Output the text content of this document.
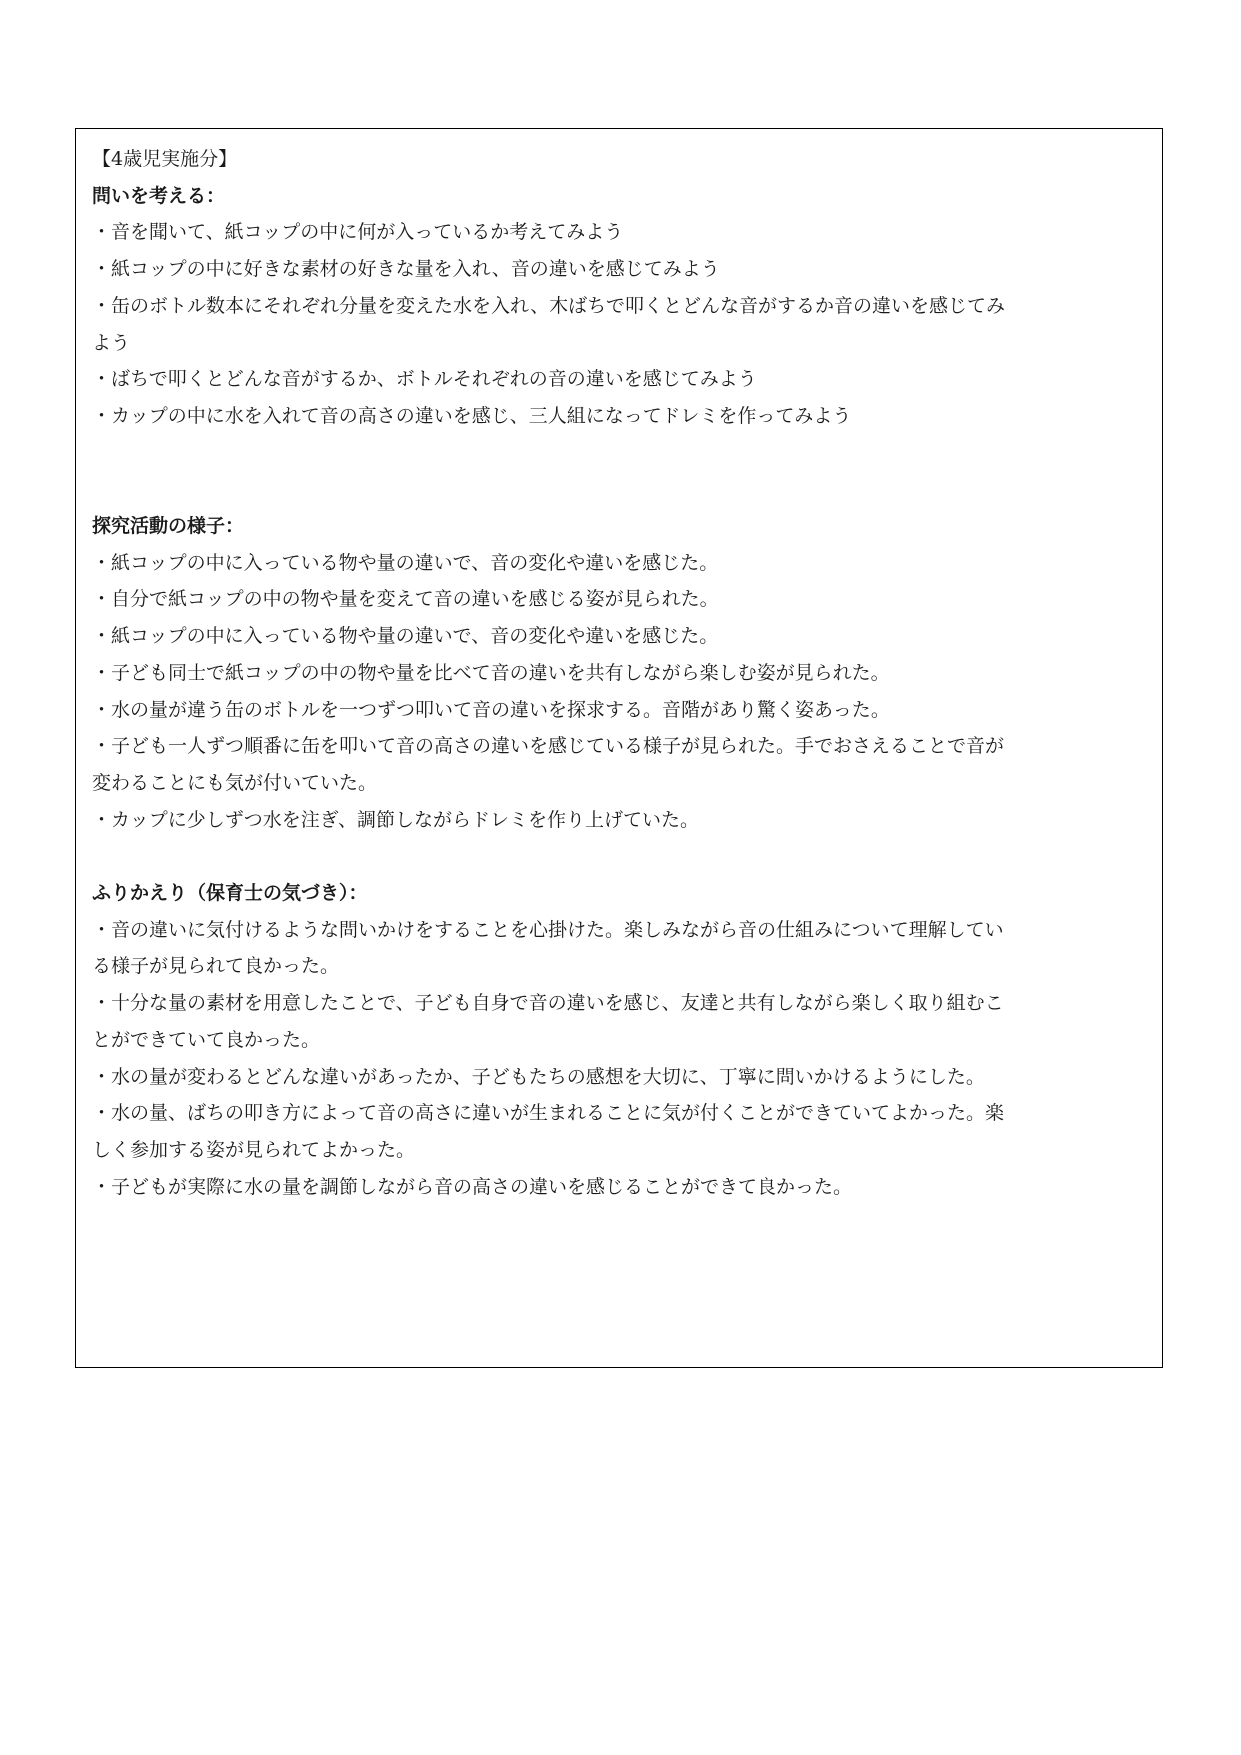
【4歳児実施分】
問いを考える：
・音を聞いて、紙コップの中に何が入っているか考えてみよう
・紙コップの中に好きな素材の好きな量を入れ、音の違いを感じてみよう
・缶のボトル数本にそれぞれ分量を変えた水を入れ、木ばちで叩くとどんな音がするか音の違いを感じてみ
よう
・ばちで叩くとどんな音がするか、ボトルそれぞれの音の違いを感じてみよう
・カップの中に水を入れて音の高さの違いを感じ、三人組になってドレミを作ってみよう
探究活動の様子：
・紙コップの中に入っている物や量の違いで、音の変化や違いを感じた。
・自分で紙コップの中の物や量を変えて音の違いを感じる姿が見られた。
・紙コップの中に入っている物や量の違いで、音の変化や違いを感じた。
・子ども同士で紙コップの中の物や量を比べて音の違いを共有しながら楽しむ姿が見られた。
・水の量が違う缶のボトルを一つずつ叩いて音の違いを探求する。音階があり驚く姿あった。
・子ども一人ずつ順番に缶を叩いて音の高さの違いを感じている様子が見られた。手でおさえることで音が
変わることにも気が付いていた。
・カップに少しずつ水を注ぎ、調節しながらドレミを作り上げていた。
ふりかえり（保育士の気づき）：
・音の違いに気付けるような問いかけをすることを心掛けた。楽しみながら音の仕組みについて理解してい
る様子が見られて良かった。
・十分な量の素材を用意したことで、子ども自身で音の違いを感じ、友達と共有しながら楽しく取り組むこ
とができていて良かった。
・水の量が変わるとどんな違いがあったか、子どもたちの感想を大切に、丁寧に問いかけるようにした。
・水の量、ばちの叩き方によって音の高さに違いが生まれることに気が付くことができていてよかった。楽
しく参加する姿が見られてよかった。
・子どもが実際に水の量を調節しながら音の高さの違いを感じることができて良かった。
